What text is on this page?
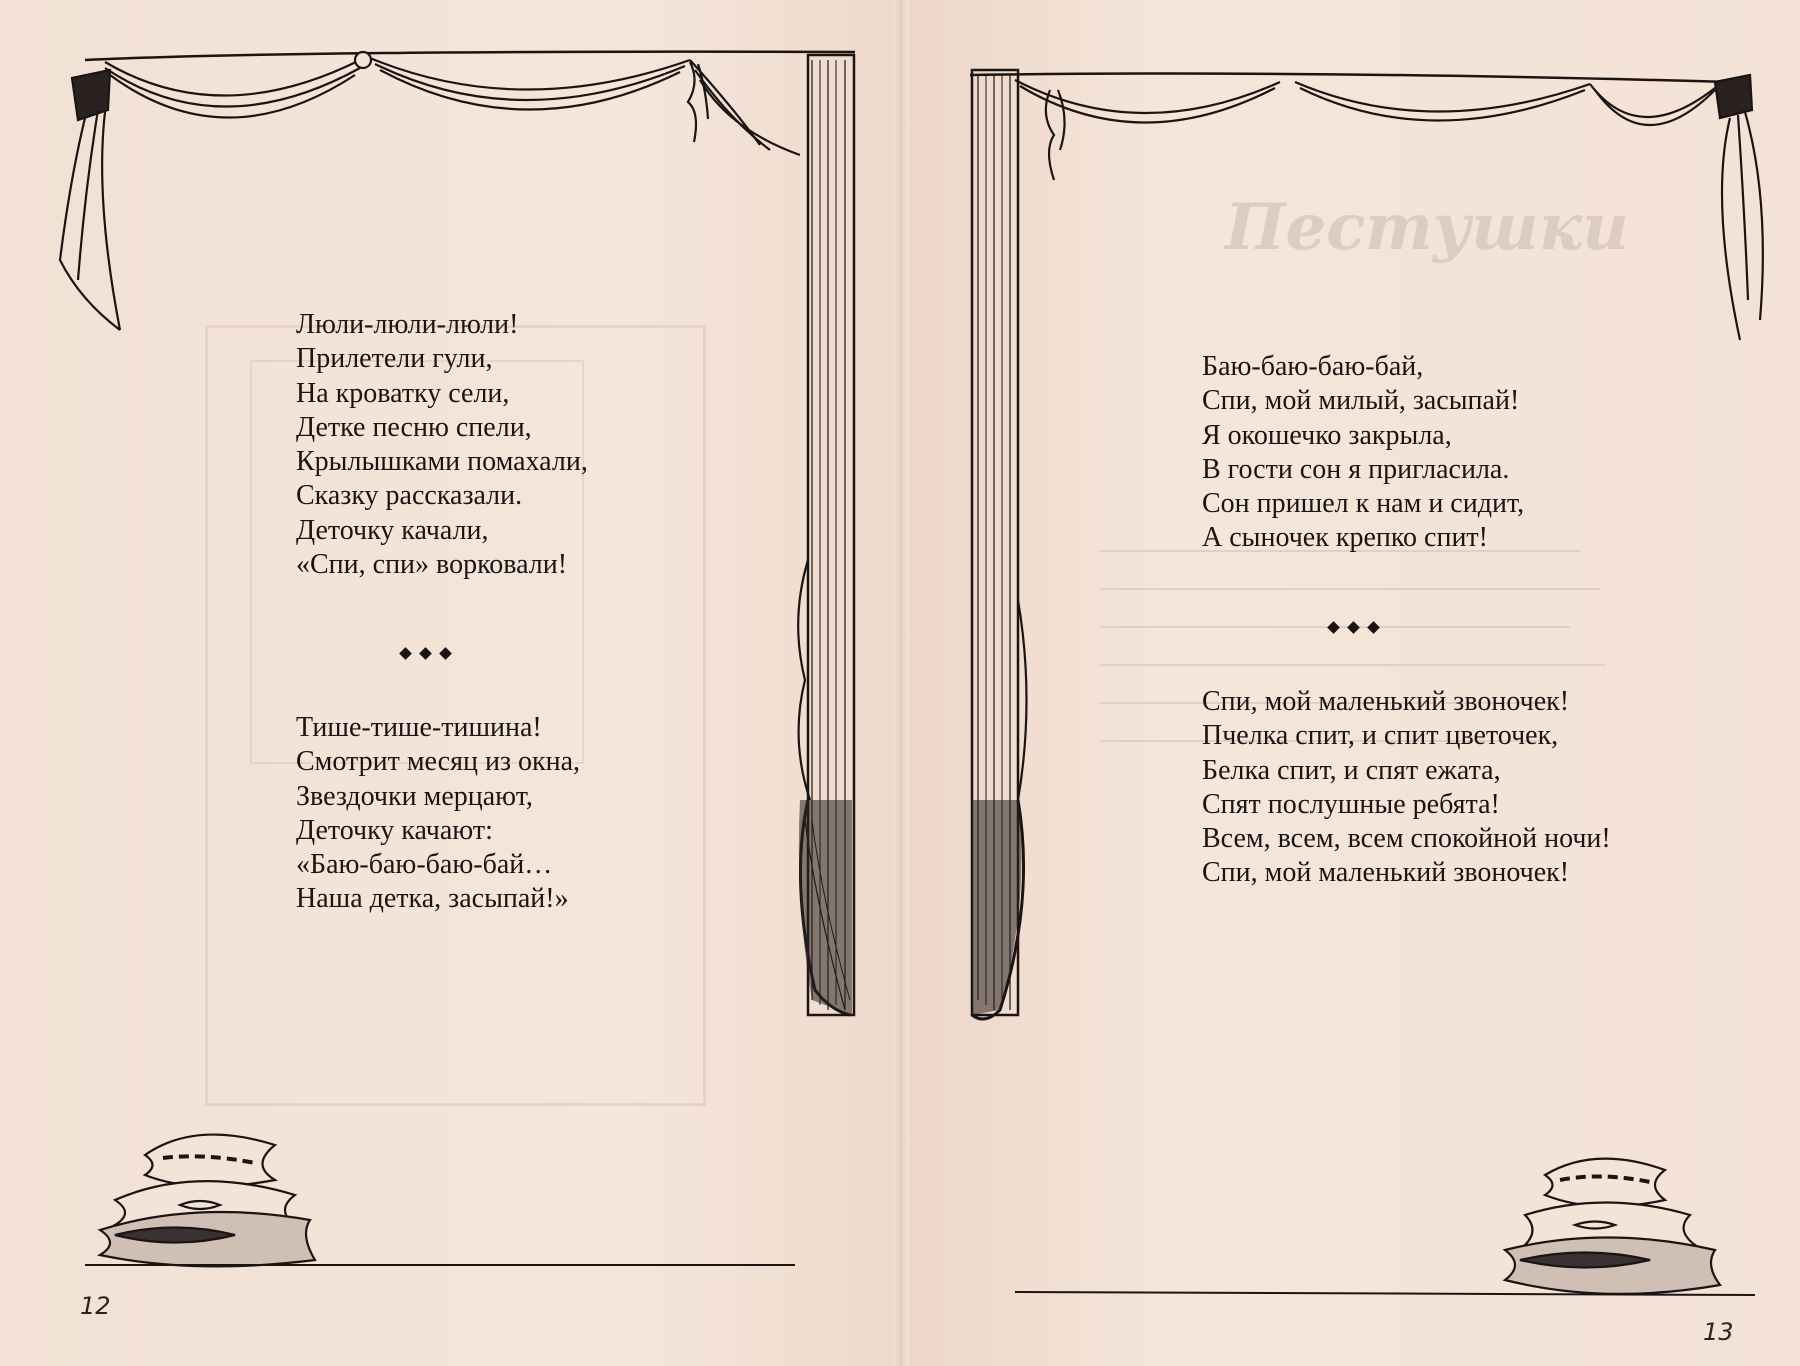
Пестушки
Люли-люли-люли!
Прилетели гули,
На кроватку сели,
Детке песню спели,
Крылышками помахали,
Сказку рассказали.
Деточку качали,
«Спи, спи» ворковали!
Тише-тише-тишина!
Смотрит месяц из окна,
Звездочки мерцают,
Деточку качают:
«Баю-баю-баю-бай…
Наша детка, засыпай!»
12
Баю-баю-баю-бай,
Спи, мой милый, засыпай!
Я окошечко закрыла,
В гости сон я пригласила.
Сон пришел к нам и сидит,
А сыночек крепко спит!
Спи, мой маленький звоночек!
Пчелка спит, и спит цветочек,
Белка спит, и спят ежата,
Спят послушные ребята!
Всем, всем, всем спокойной ночи!
Спи, мой маленький звоночек!
13
